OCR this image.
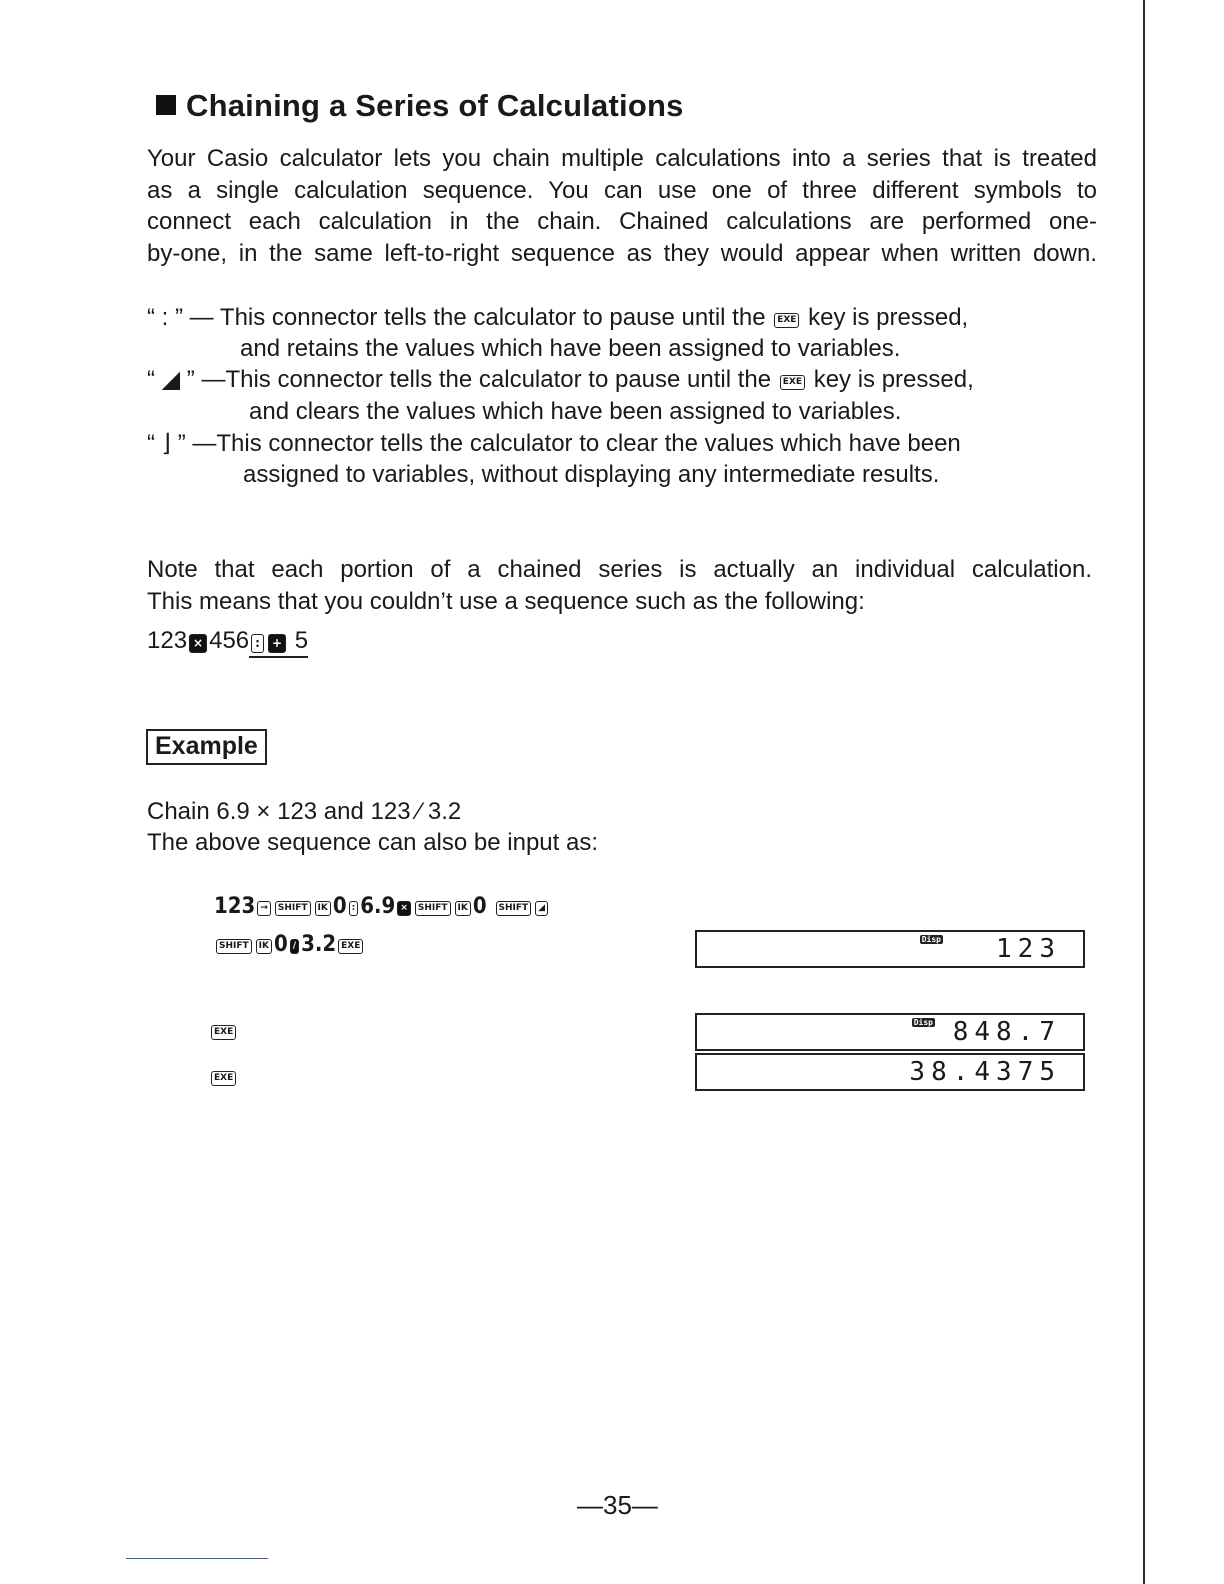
Chaining a Series of Calculations
Your Casio calculator lets you chain multiple calculations into a series that is treated
as a single calculation sequence. You can use one of three different symbols to
connect each calculation in the chain. Chained calculations are performed one-
by-one, in the same left-to-right sequence as they would appear when written down.
“ : ” — This connector tells the calculator to pause until the EXE key is pressed,
and retains the values which have been assigned to variables.
“ ◢ ” —This connector tells the calculator to pause until the EXE key is pressed,
and clears the values which have been assigned to variables.
“ ⌋ ” —This connector tells the calculator to clear the values which have been
assigned to variables, without displaying any intermediate results.
Note that each portion of a chained series is actually an individual calculation.
This means that you couldn’t use a sequence such as the following:
123 × 456 : + 5
Example
Chain 6.9 × 123 and 123 ∕ 3.2
The above sequence can also be input as:
123 → SHIFT IK 0 : 6.9 × SHIFT IK 0 SHIFT ◢
SHIFT IK 0 ∕ 3.2 EXE
EXE
EXE
Disp 123
Disp 848.7
38.4375
—35—
